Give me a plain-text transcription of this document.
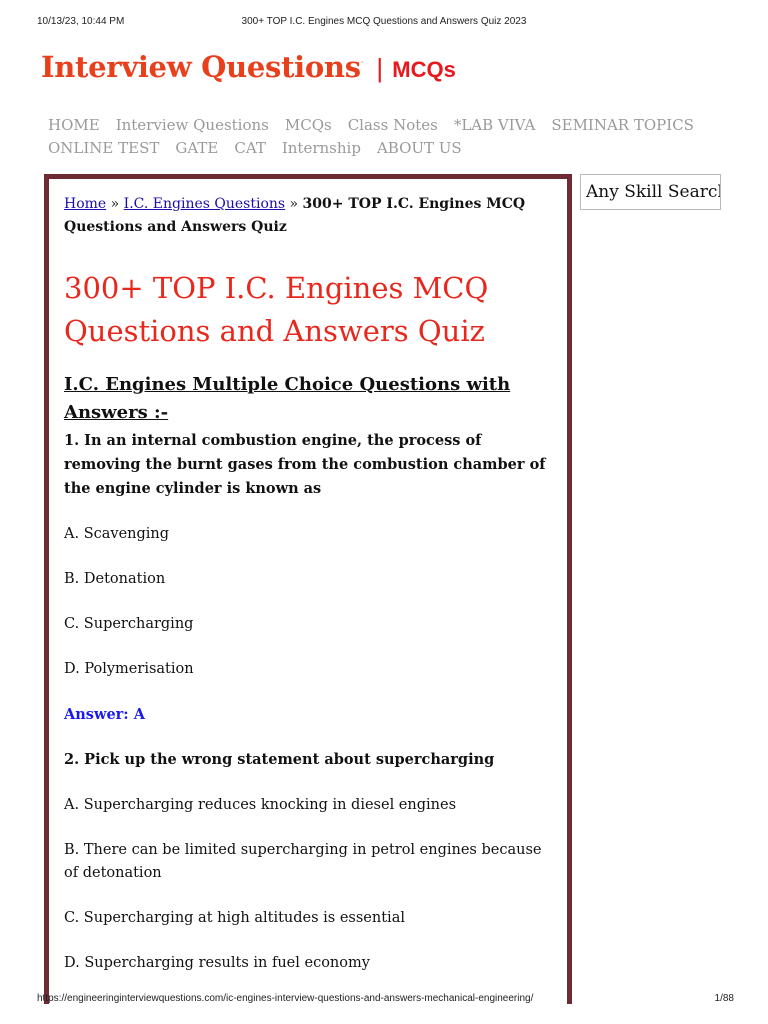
300+ TOP I.C. Engines MCQ Questions and Answers Quiz 2023
10/13/23, 10:44 PM
Interview Questions· | MCQs
HOME Interview Questions MCQs Class Notes *LAB VIVA SEMINAR TOPICS
ONLINE TEST GATE CAT Internship ABOUT US
Home » I.C. Engines Questions » 300+ TOP I.C. Engines MCQ Questions and Answers Quiz
300+ TOP I.C. Engines MCQ Questions and Answers Quiz
I.C. Engines Multiple Choice Questions with Answers :-
1. In an internal combustion engine, the process of removing the burnt gases from the combustion chamber of the engine cylinder is known as
A. Scavenging
B. Detonation
C. Supercharging
D. Polymerisation
Answer: A
2. Pick up the wrong statement about supercharging
A. Supercharging reduces knocking in diesel engines
B. There can be limited supercharging in petrol engines because of detonation
C. Supercharging at high altitudes is essential
D. Supercharging results in fuel economy
Any Skill Search
https://engineeringinterviewquestions.com/ic-engines-interview-questions-and-answers-mechanical-engineering/	1/88
